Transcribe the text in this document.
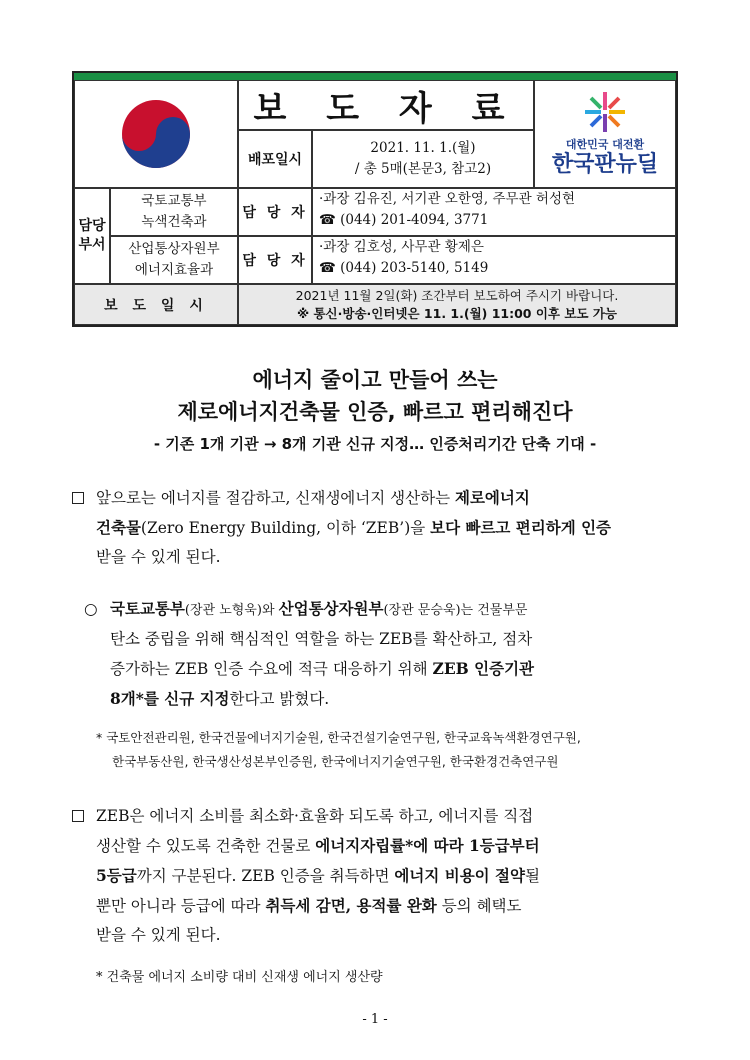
보 도 자 료
배포일시
2021. 11. 1.(월)
/ 총 5매(본문3, 참고2)
대한민국 대전환
한국판뉴딜
담당
부서
국토교통부
녹색건축과
담 당 자
·과장 김유진, 서기관 오한영, 주무관 허성현
☎ (044) 201-4094, 3771
산업통상자원부
에너지효율과
담 당 자
·과장 김호성, 사무관 황제은
☎ (044) 203-5140, 5149
보 도 일 시
2021년 11월 2일(화) 조간부터 보도하여 주시기 바랍니다.
※ 통신·방송·인터넷은 11. 1.(월) 11:00 이후 보도 가능
에너지 줄이고 만들어 쓰는
제로에너지건축물 인증, 빠르고 편리해진다
- 기존 1개 기관 → 8개 기관 신규 지정… 인증처리기간 단축 기대 -
앞으로는 에너지를 절감하고, 신재생에너지 생산하는 제로에너지
건축물(Zero Energy Building, 이하 ‘ZEB’)을 보다 빠르고 편리하게 인증
받을 수 있게 된다.
○ 국토교통부(장관 노형욱)와 산업통상자원부(장관 문승욱)는 건물부문
탄소 중립을 위해 핵심적인 역할을 하는 ZEB를 확산하고, 점차
증가하는 ZEB 인증 수요에 적극 대응하기 위해 ZEB 인증기관
8개*를 신규 지정한다고 밝혔다.
* 국토안전관리원, 한국건물에너지기술원, 한국건설기술연구원, 한국교육녹색환경연구원,
한국부동산원, 한국생산성본부인증원, 한국에너지기술연구원, 한국환경건축연구원
ZEB은 에너지 소비를 최소화·효율화 되도록 하고, 에너지를 직접
생산할 수 있도록 건축한 건물로 에너지자립률*에 따라 1등급부터
5등급까지 구분된다. ZEB 인증을 취득하면 에너지 비용이 절약될
뿐만 아니라 등급에 따라 취득세 감면, 용적률 완화 등의 혜택도
받을 수 있게 된다.
* 건축물 에너지 소비량 대비 신재생 에너지 생산량
- 1 -
